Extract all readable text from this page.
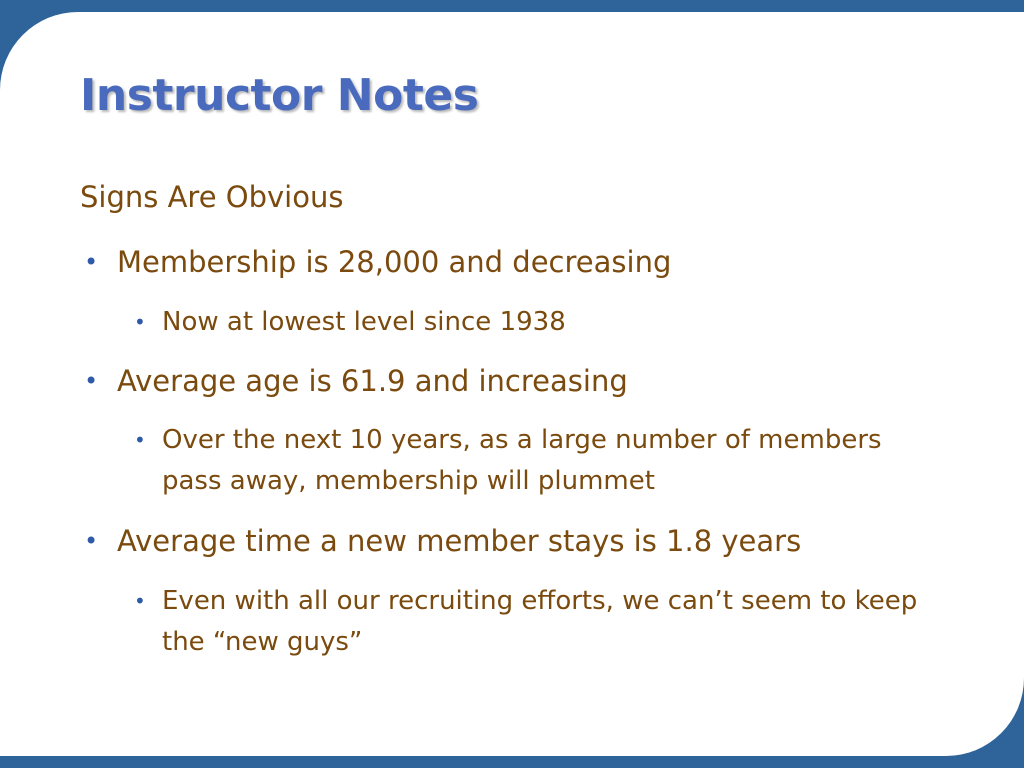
Instructor Notes

Signs Are Obvious

• Membership is 28,000 and decreasing
• Now at lowest level since 1938
• Average age is 61.9 and increasing
• Over the next 10 years, as a large number of members pass away, membership will plummet
• Average time a new member stays is 1.8 years
• Even with all our recruiting efforts, we can’t seem to keep the “new guys”
